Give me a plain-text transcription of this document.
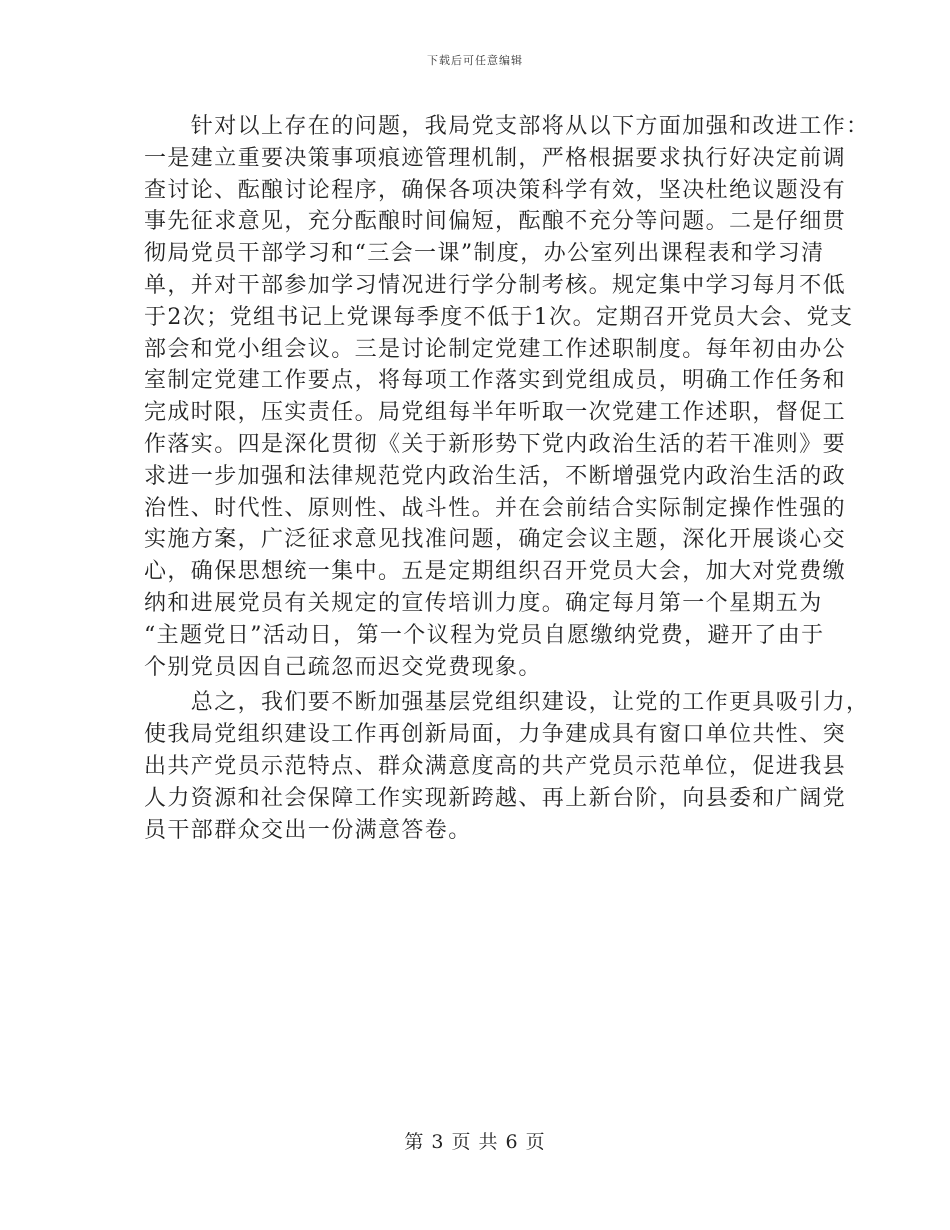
下载后可任意编辑
　　针对以上存在的问题，我局党支部将从以下方面加强和改进工作：
一是建立重要决策事项痕迹管理机制，严格根据要求执行好决定前调
查讨论、酝酿讨论程序，确保各项决策科学有效，坚决杜绝议题没有
事先征求意见，充分酝酿时间偏短，酝酿不充分等问题。二是仔细贯
彻局党员干部学习和“三会一课”制度，办公室列出课程表和学习清
单，并对干部参加学习情况进行学分制考核。规定集中学习每月不低
于2次；党组书记上党课每季度不低于1次。定期召开党员大会、党支
部会和党小组会议。三是讨论制定党建工作述职制度。每年初由办公
室制定党建工作要点，将每项工作落实到党组成员，明确工作任务和
完成时限，压实责任。局党组每半年听取一次党建工作述职，督促工
作落实。四是深化贯彻《关于新形势下党内政治生活的若干准则》要
求进一步加强和法律规范党内政治生活，不断增强党内政治生活的政
治性、时代性、原则性、战斗性。并在会前结合实际制定操作性强的
实施方案，广泛征求意见找准问题，确定会议主题，深化开展谈心交
心，确保思想统一集中。五是定期组织召开党员大会，加大对党费缴
纳和进展党员有关规定的宣传培训力度。确定每月第一个星期五为
“主题党日”活动日，第一个议程为党员自愿缴纳党费，避开了由于
个别党员因自己疏忽而迟交党费现象。
　　总之，我们要不断加强基层党组织建设，让党的工作更具吸引力，
使我局党组织建设工作再创新局面，力争建成具有窗口单位共性、突
出共产党员示范特点、群众满意度高的共产党员示范单位，促进我县
人力资源和社会保障工作实现新跨越、再上新台阶，向县委和广阔党
员干部群众交出一份满意答卷。
第 3 页 共 6 页
